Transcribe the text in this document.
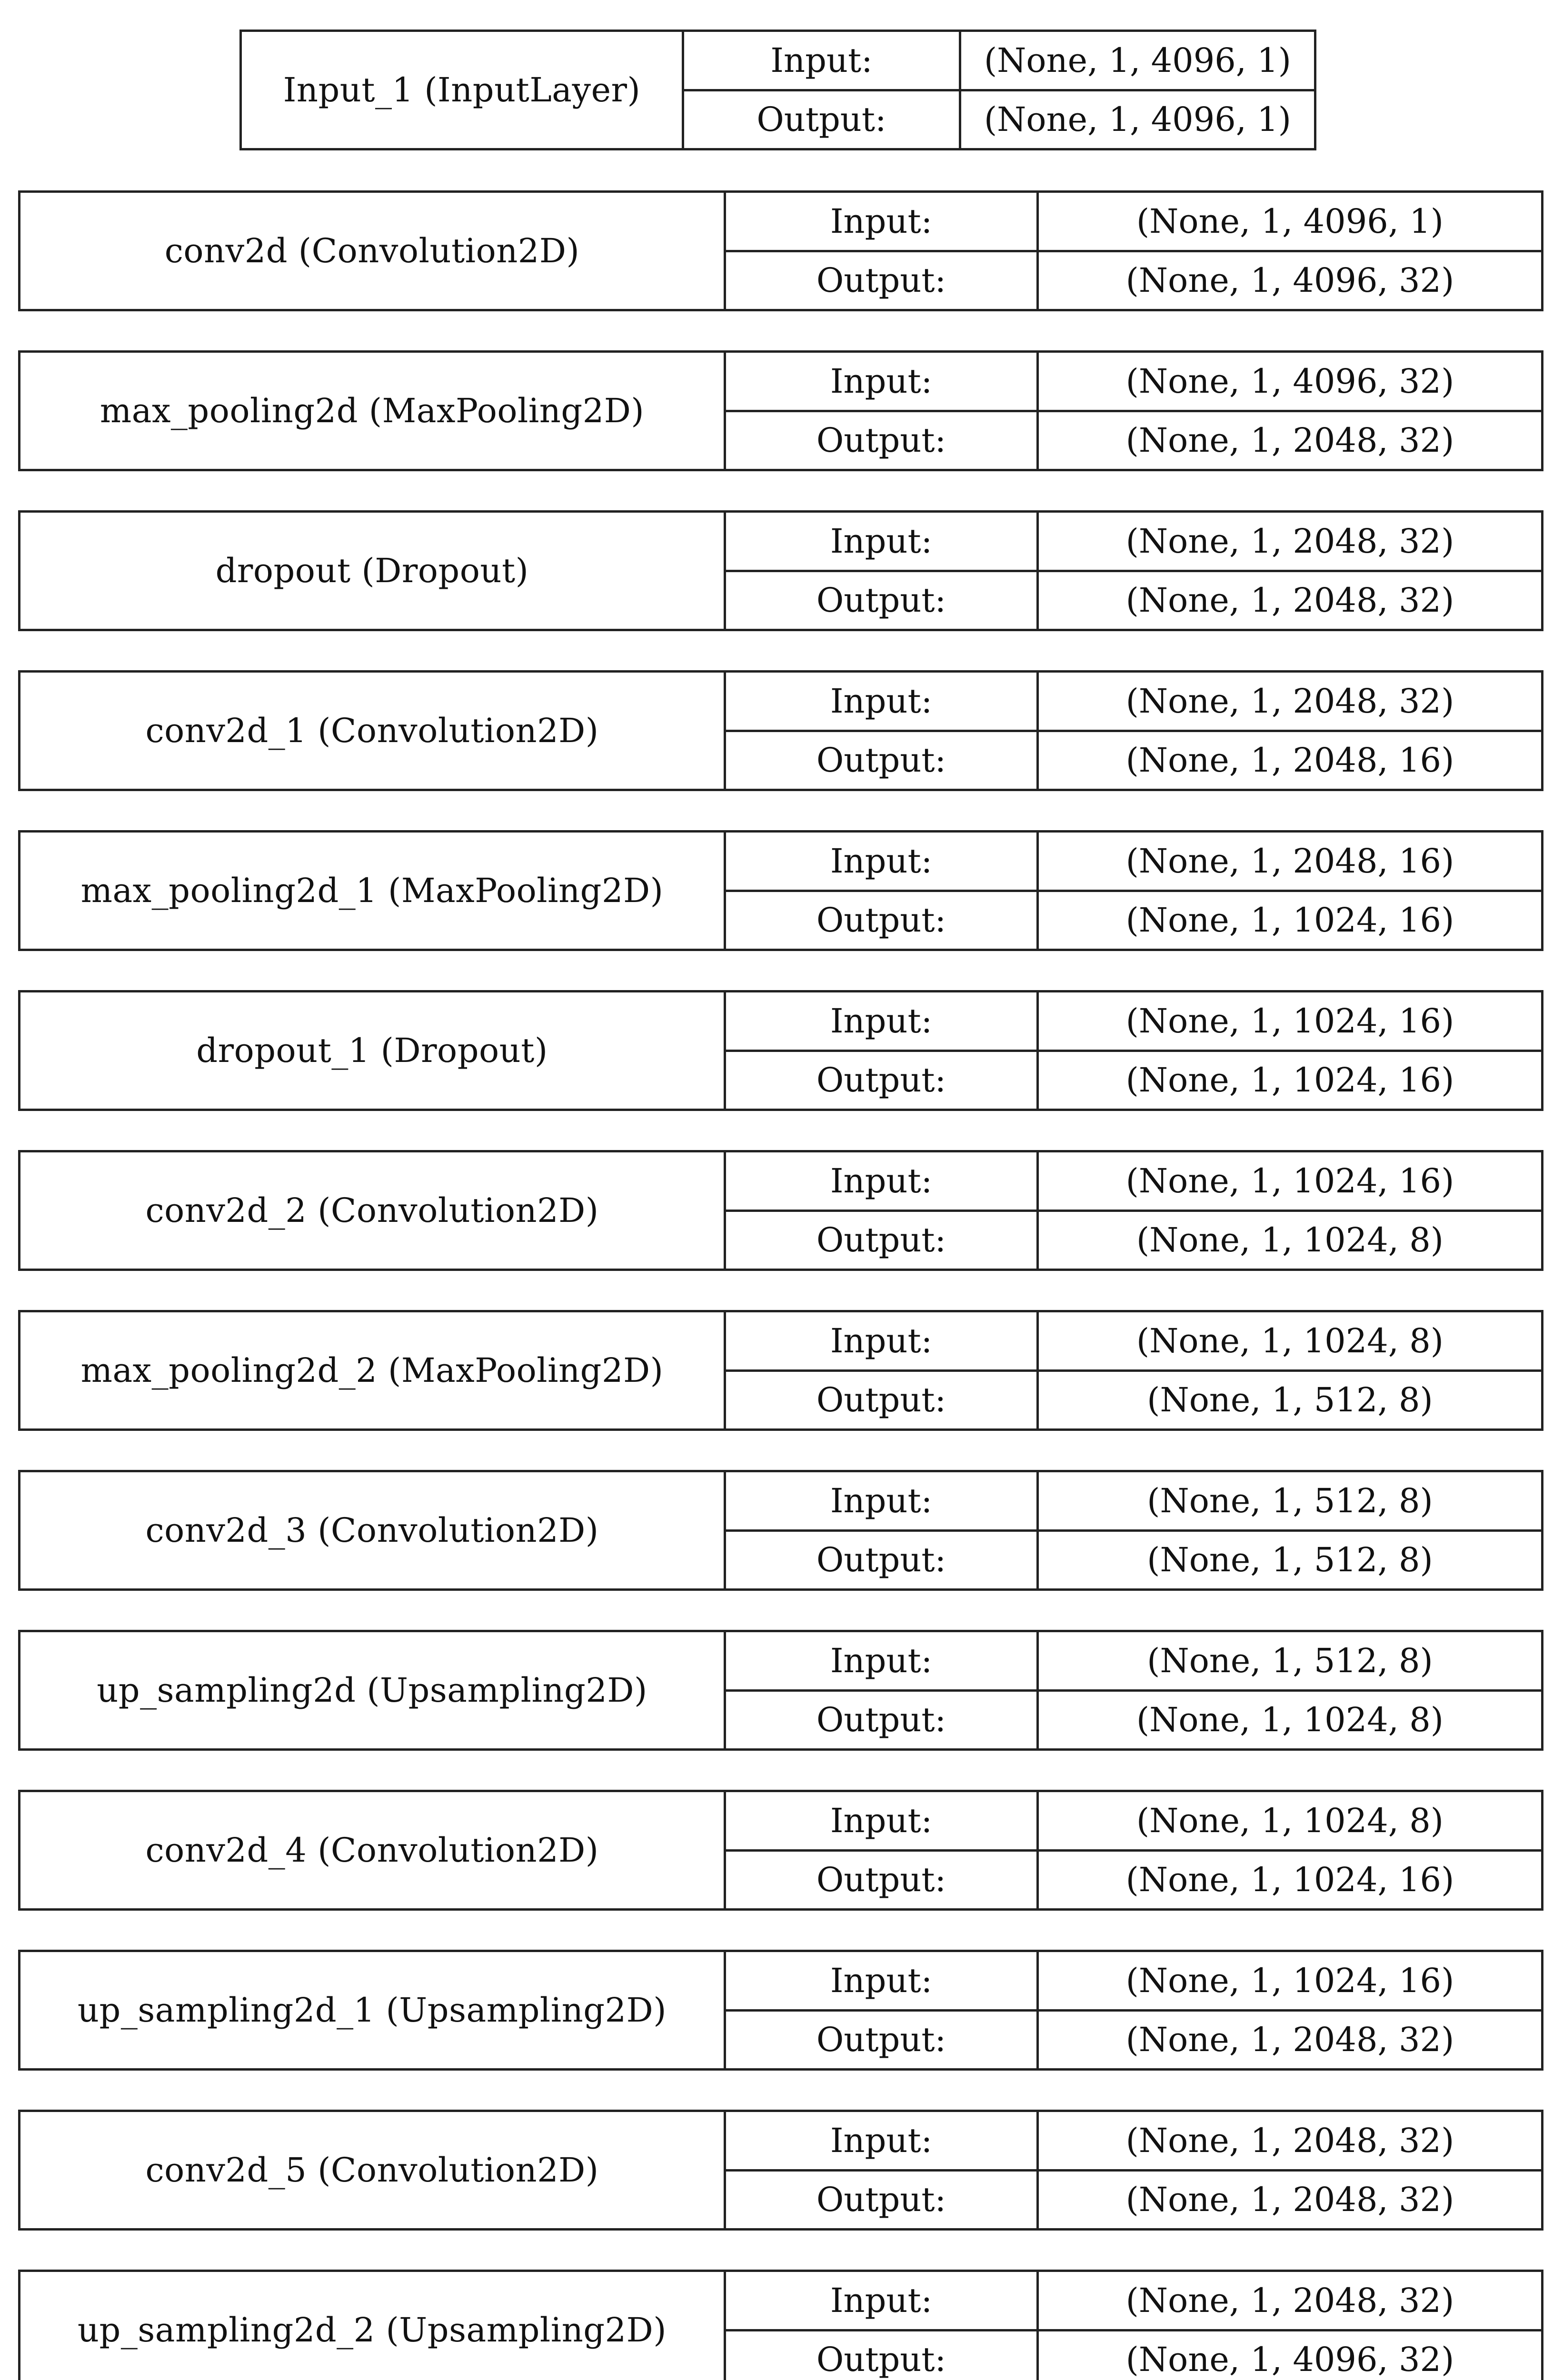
Input_1 (InputLayer)
Input:
Output:
(None, 1, 4096, 1)
(None, 1, 4096, 1)
conv2d (Convolution2D)
Input:
Output:
(None, 1, 4096, 1)
(None, 1, 4096, 32)
max_pooling2d (MaxPooling2D)
Input:
Output:
(None, 1, 4096, 32)
(None, 1, 2048, 32)
dropout (Dropout)
Input:
Output:
(None, 1, 2048, 32)
(None, 1, 2048, 32)
conv2d_1 (Convolution2D)
Input:
Output:
(None, 1, 2048, 32)
(None, 1, 2048, 16)
max_pooling2d_1 (MaxPooling2D)
Input:
Output:
(None, 1, 2048, 16)
(None, 1, 1024, 16)
dropout_1 (Dropout)
Input:
Output:
(None, 1, 1024, 16)
(None, 1, 1024, 16)
conv2d_2 (Convolution2D)
Input:
Output:
(None, 1, 1024, 16)
(None, 1, 1024, 8)
max_pooling2d_2 (MaxPooling2D)
Input:
Output:
(None, 1, 1024, 8)
(None, 1, 512, 8)
conv2d_3 (Convolution2D)
Input:
Output:
(None, 1, 512, 8)
(None, 1, 512, 8)
up_sampling2d (Upsampling2D)
Input:
Output:
(None, 1, 512, 8)
(None, 1, 1024, 8)
conv2d_4 (Convolution2D)
Input:
Output:
(None, 1, 1024, 8)
(None, 1, 1024, 16)
up_sampling2d_1 (Upsampling2D)
Input:
Output:
(None, 1, 1024, 16)
(None, 1, 2048, 32)
conv2d_5 (Convolution2D)
Input:
Output:
(None, 1, 2048, 32)
(None, 1, 2048, 32)
up_sampling2d_2 (Upsampling2D)
Input:
Output:
(None, 1, 2048, 32)
(None, 1, 4096, 32)
